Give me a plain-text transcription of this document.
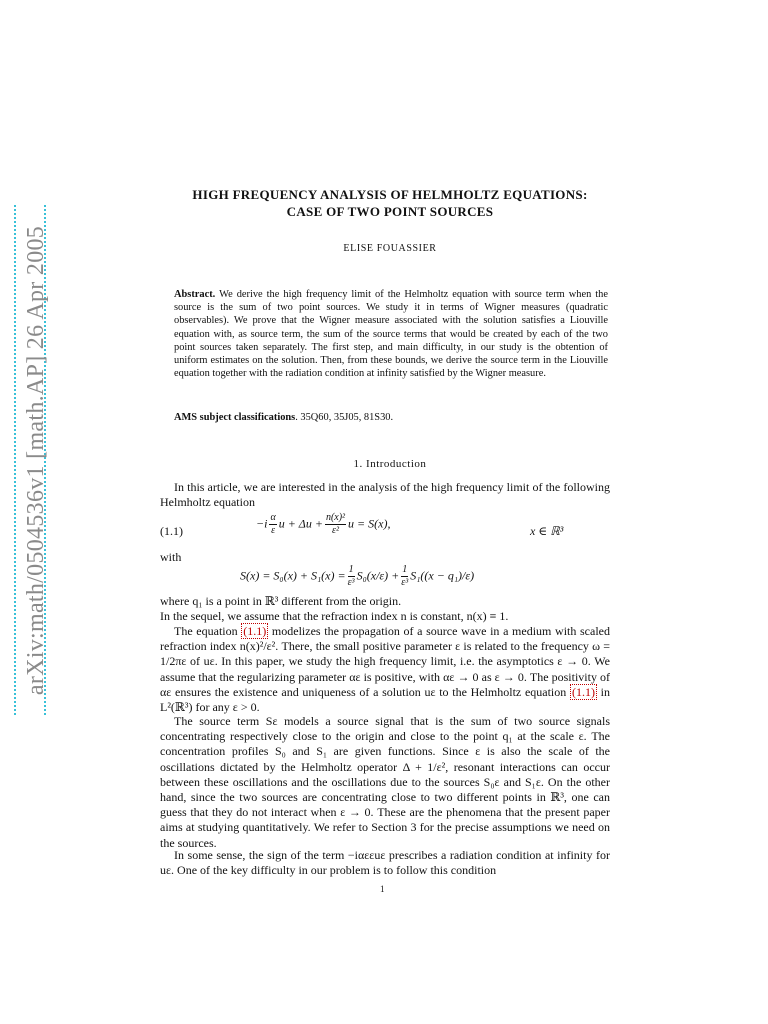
arXiv:math/0504536v1 [math.AP] 26 Apr 2005
HIGH FREQUENCY ANALYSIS OF HELMHOLTZ EQUATIONS:
CASE OF TWO POINT SOURCES
ELISE FOUASSIER
Abstract. We derive the high frequency limit of the Helmholtz equation with source term when the source is the sum of two point sources. We study it in terms of Wigner measures (quadratic observables). We prove that the Wigner measure associated with the solution satisfies a Liouville equation with, as source term, the sum of the source terms that would be created by each of the two point sources taken separately. The first step, and main difficulty, in our study is the obtention of uniform estimates on the solution. Then, from these bounds, we derive the source term in the Liouville equation together with the radiation condition at infinity satisfied by the Wigner measure.
AMS subject classifications. 35Q60, 35J05, 81S30.
1. Introduction
In this article, we are interested in the analysis of the high frequency limit of the following Helmholtz equation
(1.1)
$-i \frac{\alpha}{\varepsilon}$ $u + \Delta u + \frac{\text{n(x)²}}{\text{ε²}}$ u = S(x),
x ∈ ℝ³
with
$S(x) = S_0(x) + S_1(x) = \frac{1}{\text{ε³}} S_0(x/\varepsilon) + \frac{1}{\text{ε³}} S_1((x - q_1)/\varepsilon)$
where q₁ is a point in ℝ³ different from the origin.
In the sequel, we assume that the refraction index n is constant, n(x) ≡ 1.
The equation (1.1) modelizes the propagation of a source wave in a medium with scaled refraction index n(x)²/ε². There, the small positive parameter ε is related to the frequency ω = 1/2πε of uε. In this paper, we study the high frequency limit, i.e. the asymptotics ε → 0. We assume that the regularizing parameter αε is positive, with αε → 0 as ε → 0. The positivity of αε ensures the existence and uniqueness of a solution uε to the Helmholtz equation (1.1) in L²(ℝ³) for any ε > 0.
The source term Sε models a source signal that is the sum of two source signals concentrating respectively close to the origin and close to the point q₁ at the scale ε. The concentration profiles S₀ and S₁ are given functions. Since ε is also the scale of the oscillations dictated by the Helmholtz operator Δ + 1/ε², resonant interactions can occur between these oscillations and the oscillations due to the sources S₀ε and S₁ε. On the other hand, since the two sources are concentrating close to two different points in ℝ³, one can guess that they do not interact when ε → 0. These are the phenomena that the present paper aims at studying quantitatively. We refer to Section 3 for the precise assumptions we need on the sources.
In some sense, the sign of the term −iαεεuε prescribes a radiation condition at infinity for uε. One of the key difficulty in our problem is to follow this condition
1
